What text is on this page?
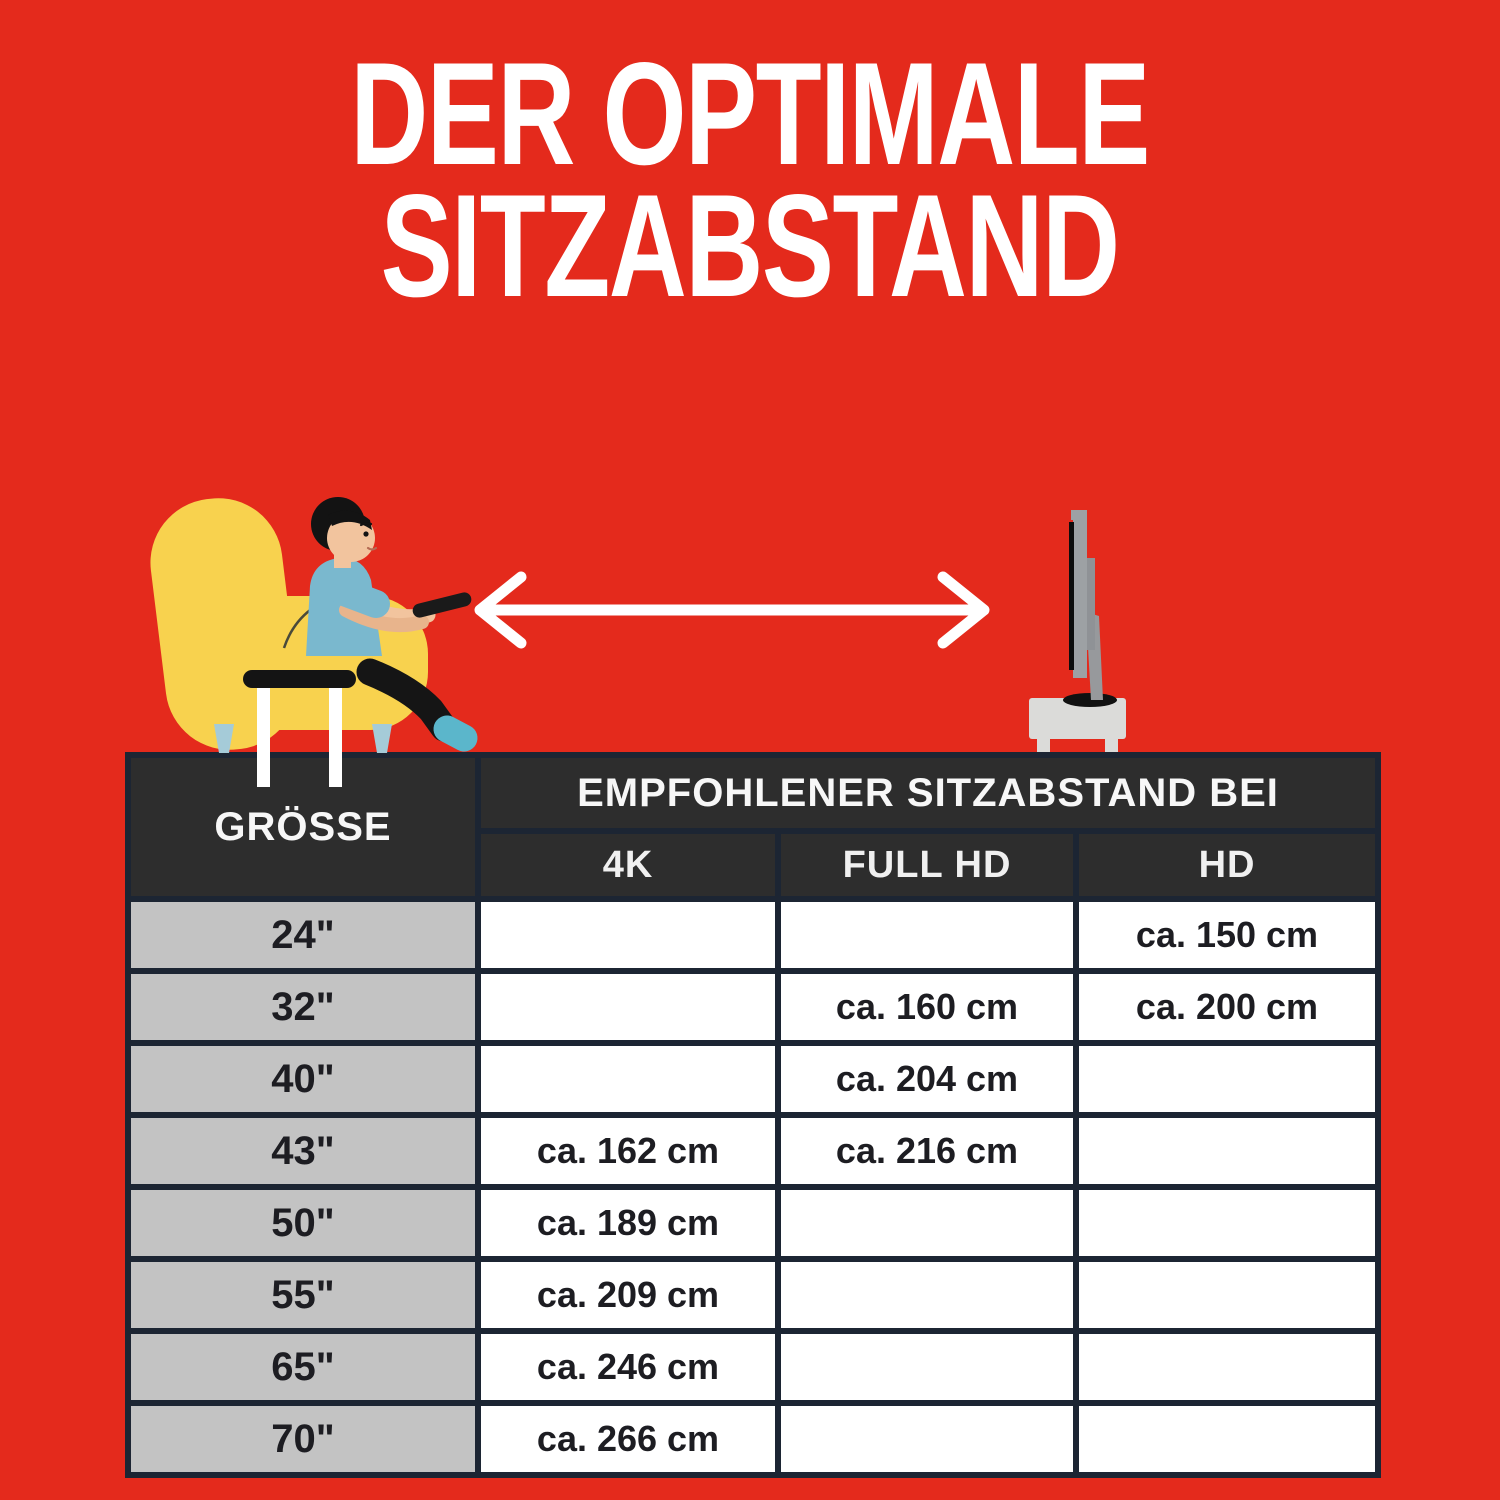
DER OPTIMALE
SITZABSTAND
GRÖSSE	EMPFOHLENER SITZABSTAND BEI		
	4K	FULL HD	HD
24"			ca. 150 cm
32"		ca. 160 cm	ca. 200 cm
40"		ca. 204 cm	
43"	ca. 162 cm	ca. 216 cm	
50"	ca. 189 cm		
55"	ca. 209 cm		
65"	ca. 246 cm		
70"	ca. 266 cm		
